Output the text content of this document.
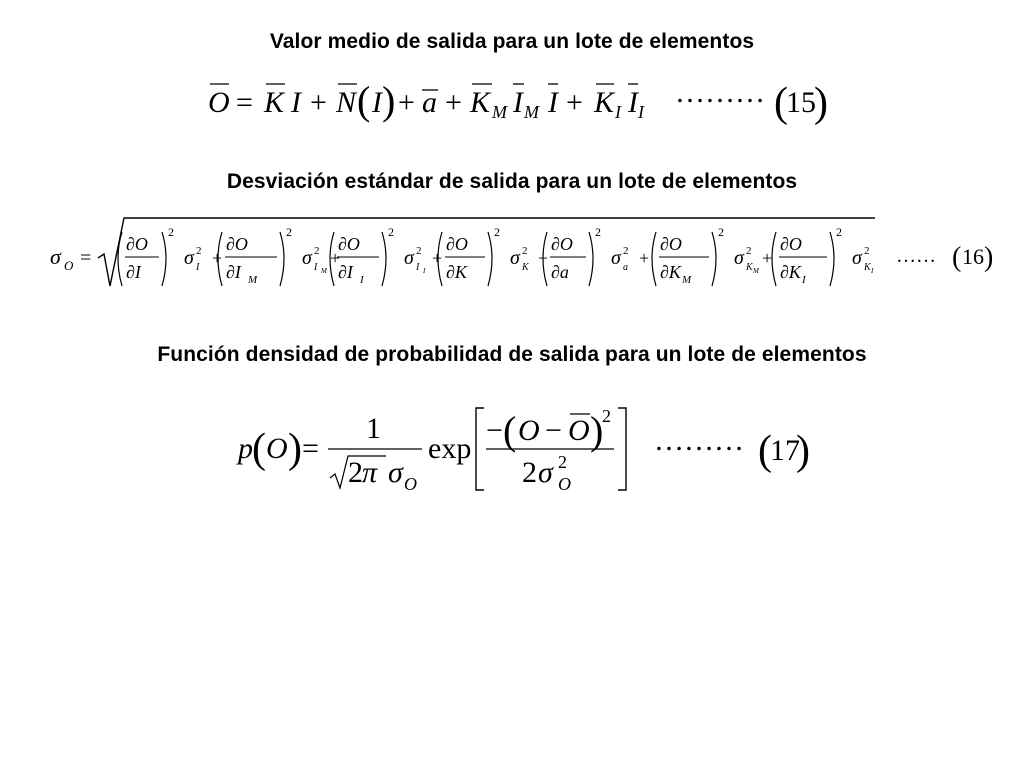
Valor medio de salida para un lote de elementos
Desviación estándar de salida para un lote de elementos
Función densidad de probabilidad de salida para un lote de elementos
O = K I + N ( I ) + a + K M I M I + K I I I
……… (
15
)
σ O =
∂O
∂I
2
σ 2
I +
∂O
∂I M
2
σ 2
I M
+
∂O
∂I I
2
σ 2
I I
+
∂O
∂K
2
σ 2
K +
∂O
∂a
2
σ 2
a +
∂O
∂K M
2
σ 2
K M
+
∂O
∂K I
2
σ 2
K I
…… ( 16 )
p ( O ) =
1
2 π σ O
exp
− ( O − O )
2
2 σ 2
O
……… (
17
)
